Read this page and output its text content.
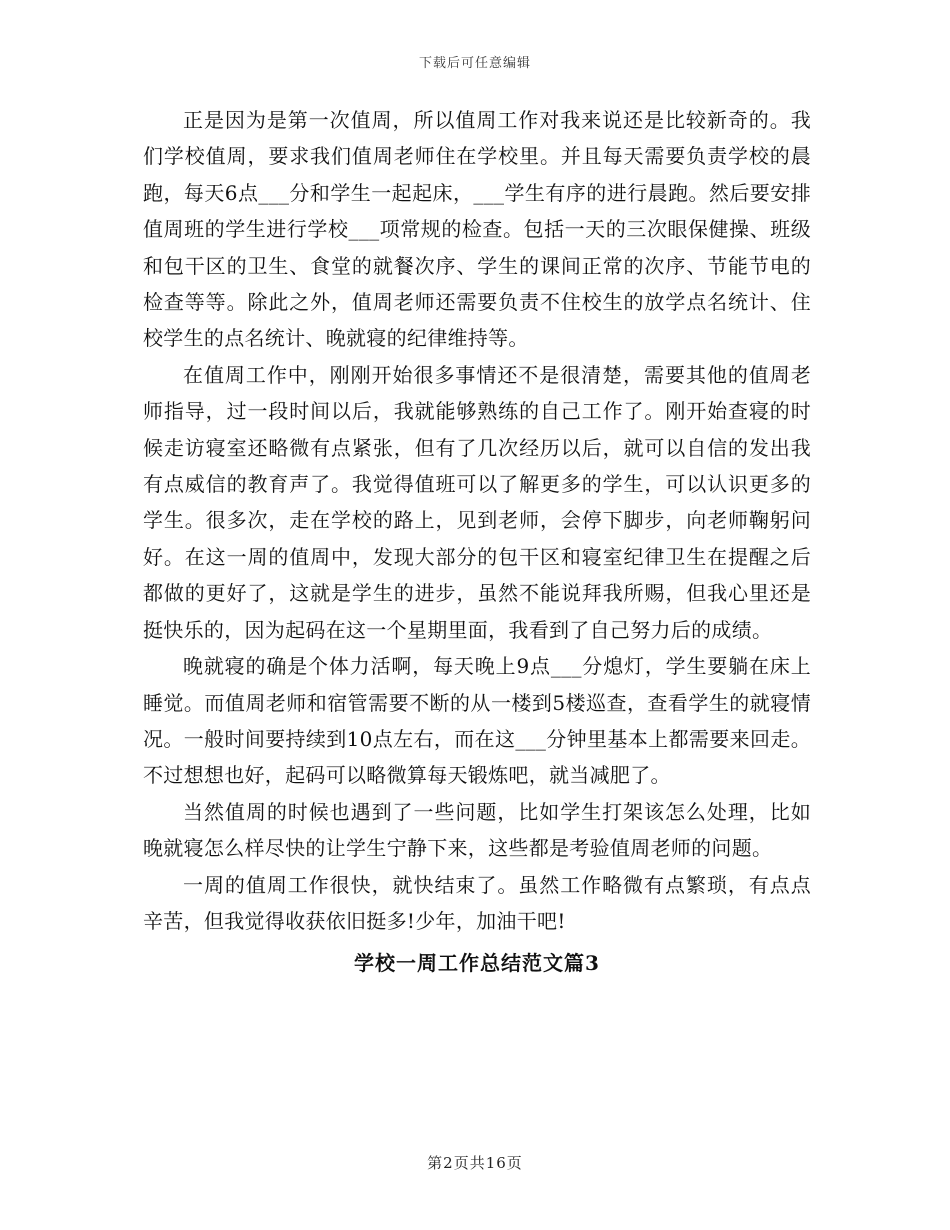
下载后可任意编辑

正是因为是第一次值周，所以值周工作对我来说还是比较新奇的。我们学校值周，要求我们值周老师住在学校里。并且每天需要负责学校的晨跑，每天6点___分和学生一起起床，___学生有序的进行晨跑。然后要安排值周班的学生进行学校___项常规的检查。包括一天的三次眼保健操、班级和包干区的卫生、食堂的就餐次序、学生的课间正常的次序、节能节电的检查等等。除此之外，值周老师还需要负责不住校生的放学点名统计、住校学生的点名统计、晚就寝的纪律维持等。

在值周工作中，刚刚开始很多事情还不是很清楚，需要其他的值周老师指导，过一段时间以后，我就能够熟练的自己工作了。刚开始查寝的时候走访寝室还略微有点紧张，但有了几次经历以后，就可以自信的发出我有点威信的教育声了。我觉得值班可以了解更多的学生，可以认识更多的学生。很多次，走在学校的路上，见到老师，会停下脚步，向老师鞠躬问好。在这一周的值周中，发现大部分的包干区和寝室纪律卫生在提醒之后都做的更好了，这就是学生的进步，虽然不能说拜我所赐，但我心里还是挺快乐的，因为起码在这一个星期里面，我看到了自己努力后的成绩。

晚就寝的确是个体力活啊，每天晚上9点___分熄灯，学生要躺在床上睡觉。而值周老师和宿管需要不断的从一楼到5楼巡查，查看学生的就寝情况。一般时间要持续到10点左右，而在这___分钟里基本上都需要来回走。不过想想也好，起码可以略微算每天锻炼吧，就当减肥了。

当然值周的时候也遇到了一些问题，比如学生打架该怎么处理，比如晚就寝怎么样尽快的让学生宁静下来，这些都是考验值周老师的问题。

一周的值周工作很快，就快结束了。虽然工作略微有点繁琐，有点点辛苦，但我觉得收获依旧挺多!少年，加油干吧!

学校一周工作总结范文篇3
第2页共16页
